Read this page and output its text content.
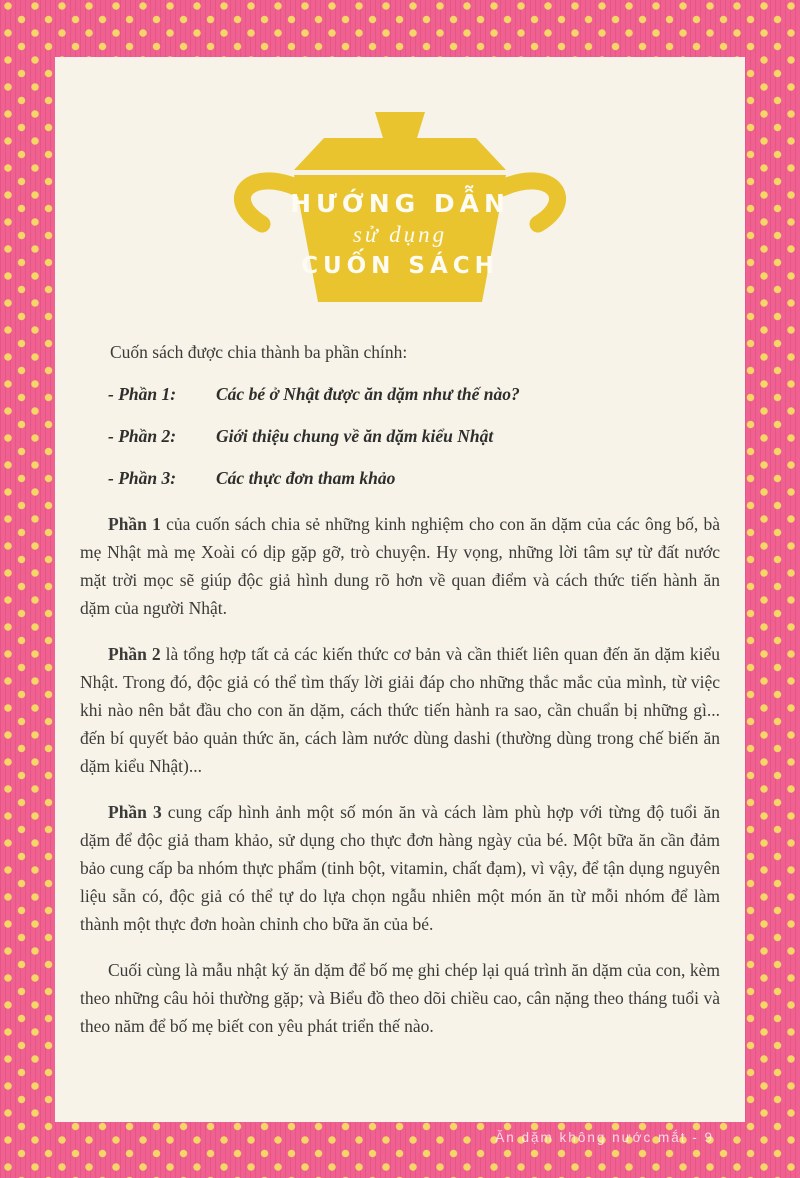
HƯỚNG DẪN
sử dụng
CUỐN SÁCH

Cuốn sách được chia thành ba phần chính:

- Phần 1:	Các bé ở Nhật được ăn dặm như thế nào?
- Phần 2:	Giới thiệu chung về ăn dặm kiểu Nhật
- Phần 3:	Các thực đơn tham khảo

Phần 1 của cuốn sách chia sẻ những kinh nghiệm cho con ăn dặm của các ông bố, bà mẹ Nhật mà mẹ Xoài có dịp gặp gỡ, trò chuyện. Hy vọng, những lời tâm sự từ đất nước mặt trời mọc sẽ giúp độc giả hình dung rõ hơn về quan điểm và cách thức tiến hành ăn dặm của người Nhật.

Phần 2 là tổng hợp tất cả các kiến thức cơ bản và cần thiết liên quan đến ăn dặm kiểu Nhật. Trong đó, độc giả có thể tìm thấy lời giải đáp cho những thắc mắc của mình, từ việc khi nào nên bắt đầu cho con ăn dặm, cách thức tiến hành ra sao, cần chuẩn bị những gì... đến bí quyết bảo quản thức ăn, cách làm nước dùng dashi (thường dùng trong chế biến ăn dặm kiểu Nhật)...

Phần 3 cung cấp hình ảnh một số món ăn và cách làm phù hợp với từng độ tuổi ăn dặm để độc giả tham khảo, sử dụng cho thực đơn hàng ngày của bé. Một bữa ăn cần đảm bảo cung cấp ba nhóm thực phẩm (tinh bột, vitamin, chất đạm), vì vậy, để tận dụng nguyên liệu sẵn có, độc giả có thể tự do lựa chọn ngẫu nhiên một món ăn từ mỗi nhóm để làm thành một thực đơn hoàn chỉnh cho bữa ăn của bé.

Cuối cùng là mẫu nhật ký ăn dặm để bố mẹ ghi chép lại quá trình ăn dặm của con, kèm theo những câu hỏi thường gặp; và Biểu đồ theo dõi chiều cao, cân nặng theo tháng tuổi và theo năm để bố mẹ biết con yêu phát triển thế nào.

Ăn dặm không nước mắt - 9
